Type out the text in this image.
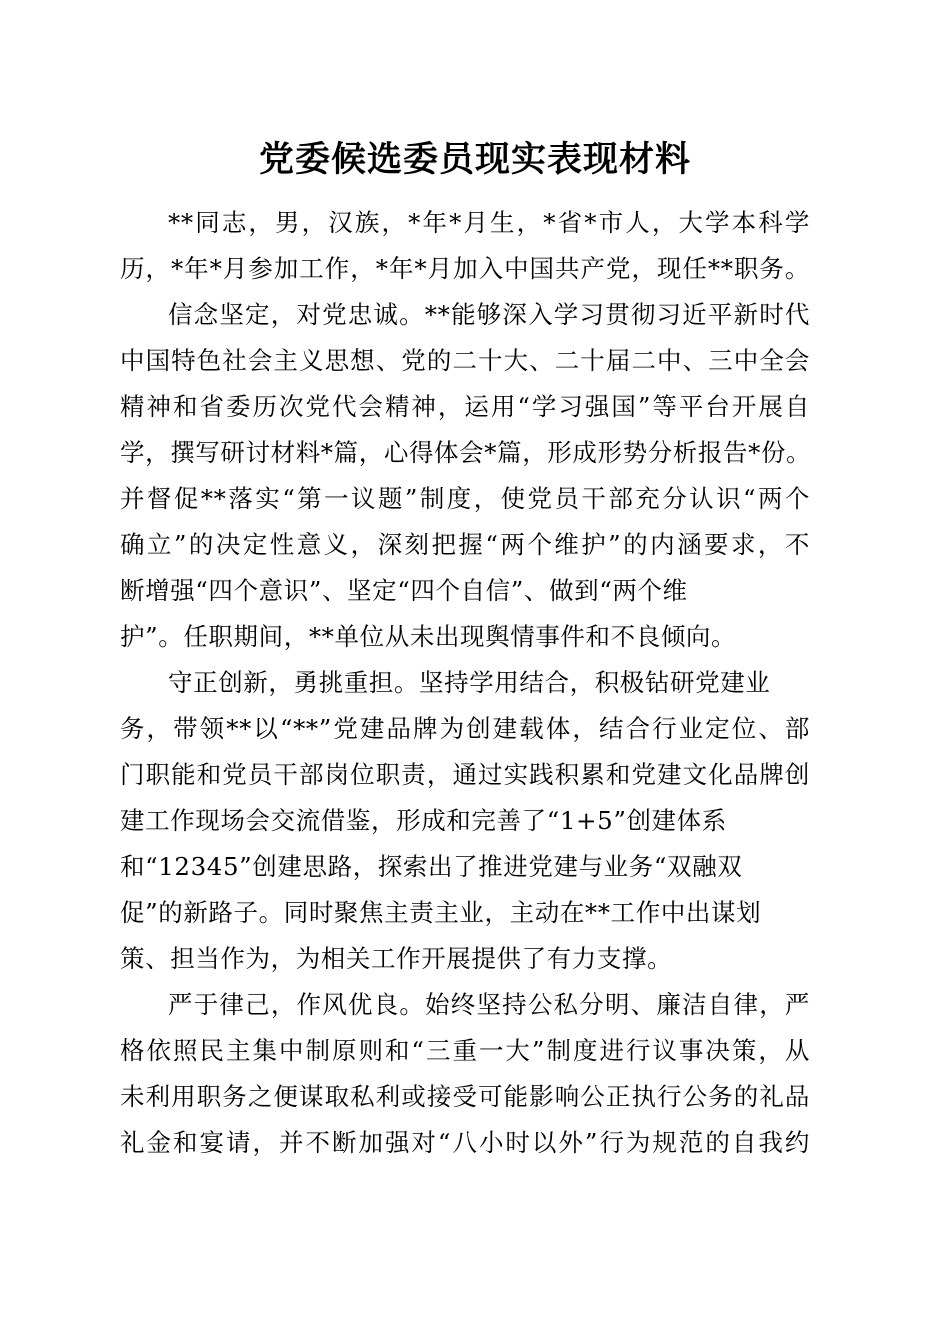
党委候选委员现实表现材料

**同志，男，汉族，*年*月生，*省*市人，大学本科学

历，*年*月参加工作，*年*月加入中国共产党，现任**职务。

信念坚定，对党忠诚。**能够深入学习贯彻习近平新时代

中国特色社会主义思想、党的二十大、二十届二中、三中全会

精神和省委历次党代会精神，运用“学习强国”等平台开展自

学，撰写研讨材料*篇，心得体会*篇，形成形势分析报告*份。

并督促**落实“第一议题”制度，使党员干部充分认识“两个

确立”的决定性意义，深刻把握“两个维护”的内涵要求，不

断增强“四个意识”、坚定“四个自信”、做到“两个维

护”。任职期间，**单位从未出现舆情事件和不良倾向。

守正创新，勇挑重担。坚持学用结合，积极钻研党建业

务，带领**以“**”党建品牌为创建载体，结合行业定位、部

门职能和党员干部岗位职责，通过实践积累和党建文化品牌创

建工作现场会交流借鉴，形成和完善了“1+5”创建体系

和“12345”创建思路，探索出了推进党建与业务“双融双

促”的新路子。同时聚焦主责主业，主动在**工作中出谋划

策、担当作为，为相关工作开展提供了有力支撑。

严于律己，作风优良。始终坚持公私分明、廉洁自律，严

格依照民主集中制原则和“三重一大”制度进行议事决策，从

未利用职务之便谋取私利或接受可能影响公正执行公务的礼品

礼金和宴请，并不断加强对“八小时以外”行为规范的自我约
